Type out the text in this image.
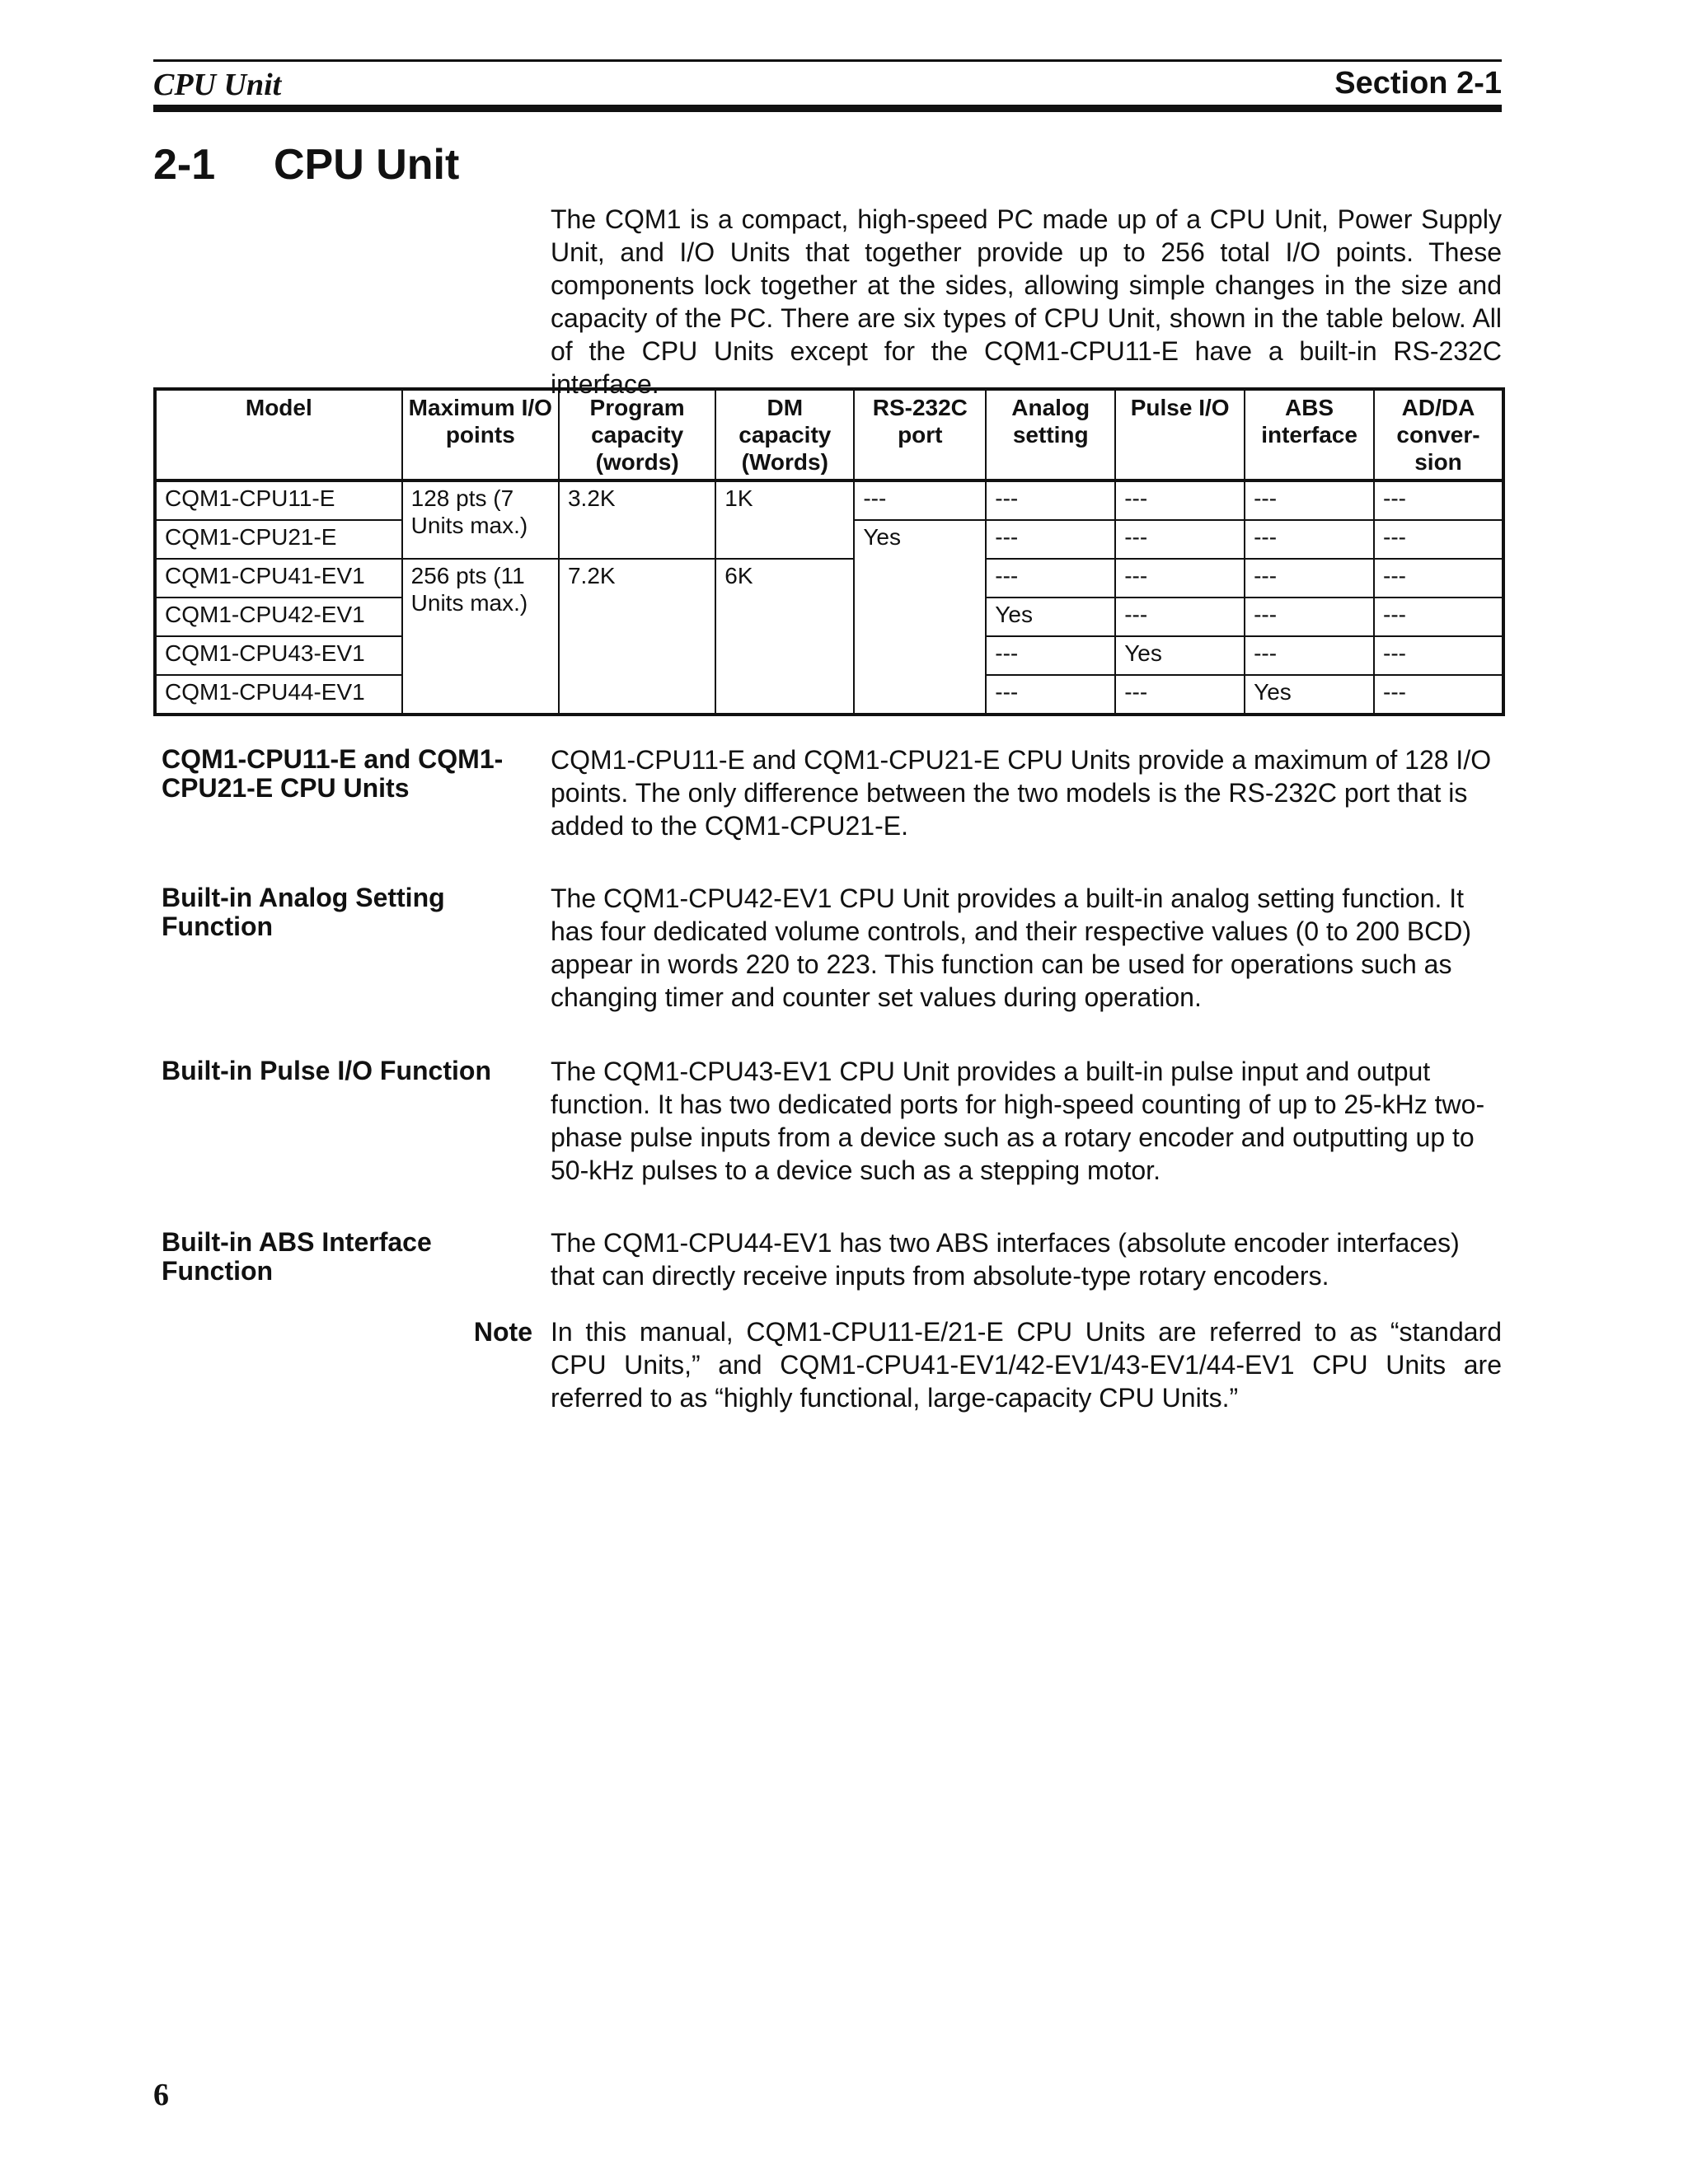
CPU Unit	Section 2-1
2-1 CPU Unit

The CQM1 is a compact, high-speed PC made up of a CPU Unit, Power Supply Unit, and I/O Units that together provide up to 256 total I/O points. These components lock together at the sides, allowing simple changes in the size and capacity of the PC. There are six types of CPU Unit, shown in the table below. All of the CPU Units except for the CQM1-CPU11-E have a built-in RS-232C interface.

Model	Maximum I/O points	Program capacity (words)	DM capacity (Words)	RS-232C port	Analog setting	Pulse I/O	ABS interface	AD/DA conver-sion
CQM1-CPU11-E	128 pts (7 Units max.)	3.2K	1K	---	---	---	---	---
CQM1-CPU21-E				Yes	---	---	---	---
CQM1-CPU41-EV1	256 pts (11 Units max.)	7.2K	6K		---	---	---	---
CQM1-CPU42-EV1					Yes	---	---	---
CQM1-CPU43-EV1					---	Yes	---	---
CQM1-CPU44-EV1					---	---	Yes	---
CQM1-CPU11-E and CQM1-CPU21-E CPU Units

CQM1-CPU11-E and CQM1-CPU21-E CPU Units provide a maximum of 128 I/O points. The only difference between the two models is the RS-232C port that is added to the CQM1-CPU21-E.

Built-in Analog Setting Function

The CQM1-CPU42-EV1 CPU Unit provides a built-in analog setting function. It has four dedicated volume controls, and their respective values (0 to 200 BCD) appear in words 220 to 223. This function can be used for operations such as changing timer and counter set values during operation.

Built-in Pulse I/O Function	The CQM1-CPU43-EV1 CPU Unit provides a built-in pulse input and output function. It has two dedicated ports for high-speed counting of up to 25-kHz two-phase pulse inputs from a device such as a rotary encoder and outputting up to 50-kHz pulses to a device such as a stepping motor.

Built-in ABS Interface Function

The CQM1-CPU44-EV1 has two ABS interfaces (absolute encoder interfaces) that can directly receive inputs from absolute-type rotary encoders.

Note In this manual, CQM1-CPU11-E/21-E CPU Units are referred to as “standard CPU Units,” and CQM1-CPU41-EV1/42-EV1/43-EV1/44-EV1 CPU Units are referred to as “highly functional, large-capacity CPU Units.”

6
